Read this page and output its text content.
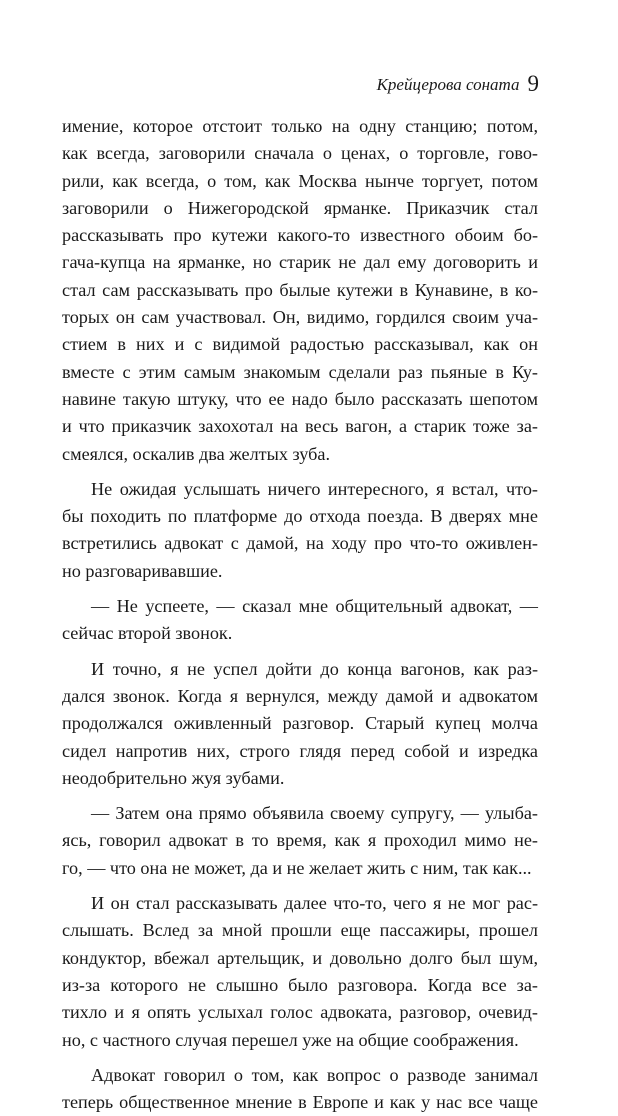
Крейцерова соната 9
имение, которое отстоит только на одну станцию; потом,
как всегда, заговорили сначала о ценах, о торговле, гово-
рили, как всегда, о том, как Москва нынче торгует, потом
заговорили о Нижегородской ярманке. Приказчик стал
рассказывать про кутежи какого-то известного обоим бо-
гача-купца на ярманке, но старик не дал ему договорить и
стал сам рассказывать про былые кутежи в Кунавине, в ко-
торых он сам участвовал. Он, видимо, гордился своим уча-
стием в них и с видимой радостью рассказывал, как он
вместе с этим самым знакомым сделали раз пьяные в Ку-
навине такую штуку, что ее надо было рассказать шепотом
и что приказчик захохотал на весь вагон, а старик тоже за-
смеялся, оскалив два желтых зуба.
Не ожидая услышать ничего интересного, я встал, что-
бы походить по платформе до отхода поезда. В дверях мне
встретились адвокат с дамой, на ходу про что-то оживлен-
но разговаривавшие.
— Не успеете, — сказал мне общительный адвокат, —
сейчас второй звонок.
И точно, я не успел дойти до конца вагонов, как раз-
дался звонок. Когда я вернулся, между дамой и адвокатом
продолжался оживленный разговор. Старый купец молча
сидел напротив них, строго глядя перед собой и изредка
неодобрительно жуя зубами.
— Затем она прямо объявила своему супругу, — улыба-
ясь, говорил адвокат в то время, как я проходил мимо не-
го, — что она не может, да и не желает жить с ним, так как...
И он стал рассказывать далее что-то, чего я не мог рас-
слышать. Вслед за мной прошли еще пассажиры, прошел
кондуктор, вбежал артельщик, и довольно долго был шум,
из-за которого не слышно было разговора. Когда все за-
тихло и я опять услыхал голос адвоката, разговор, очевид-
но, с частного случая перешел уже на общие соображения.
Адвокат говорил о том, как вопрос о разводе занимал
теперь общественное мнение в Европе и как у нас все чаще
